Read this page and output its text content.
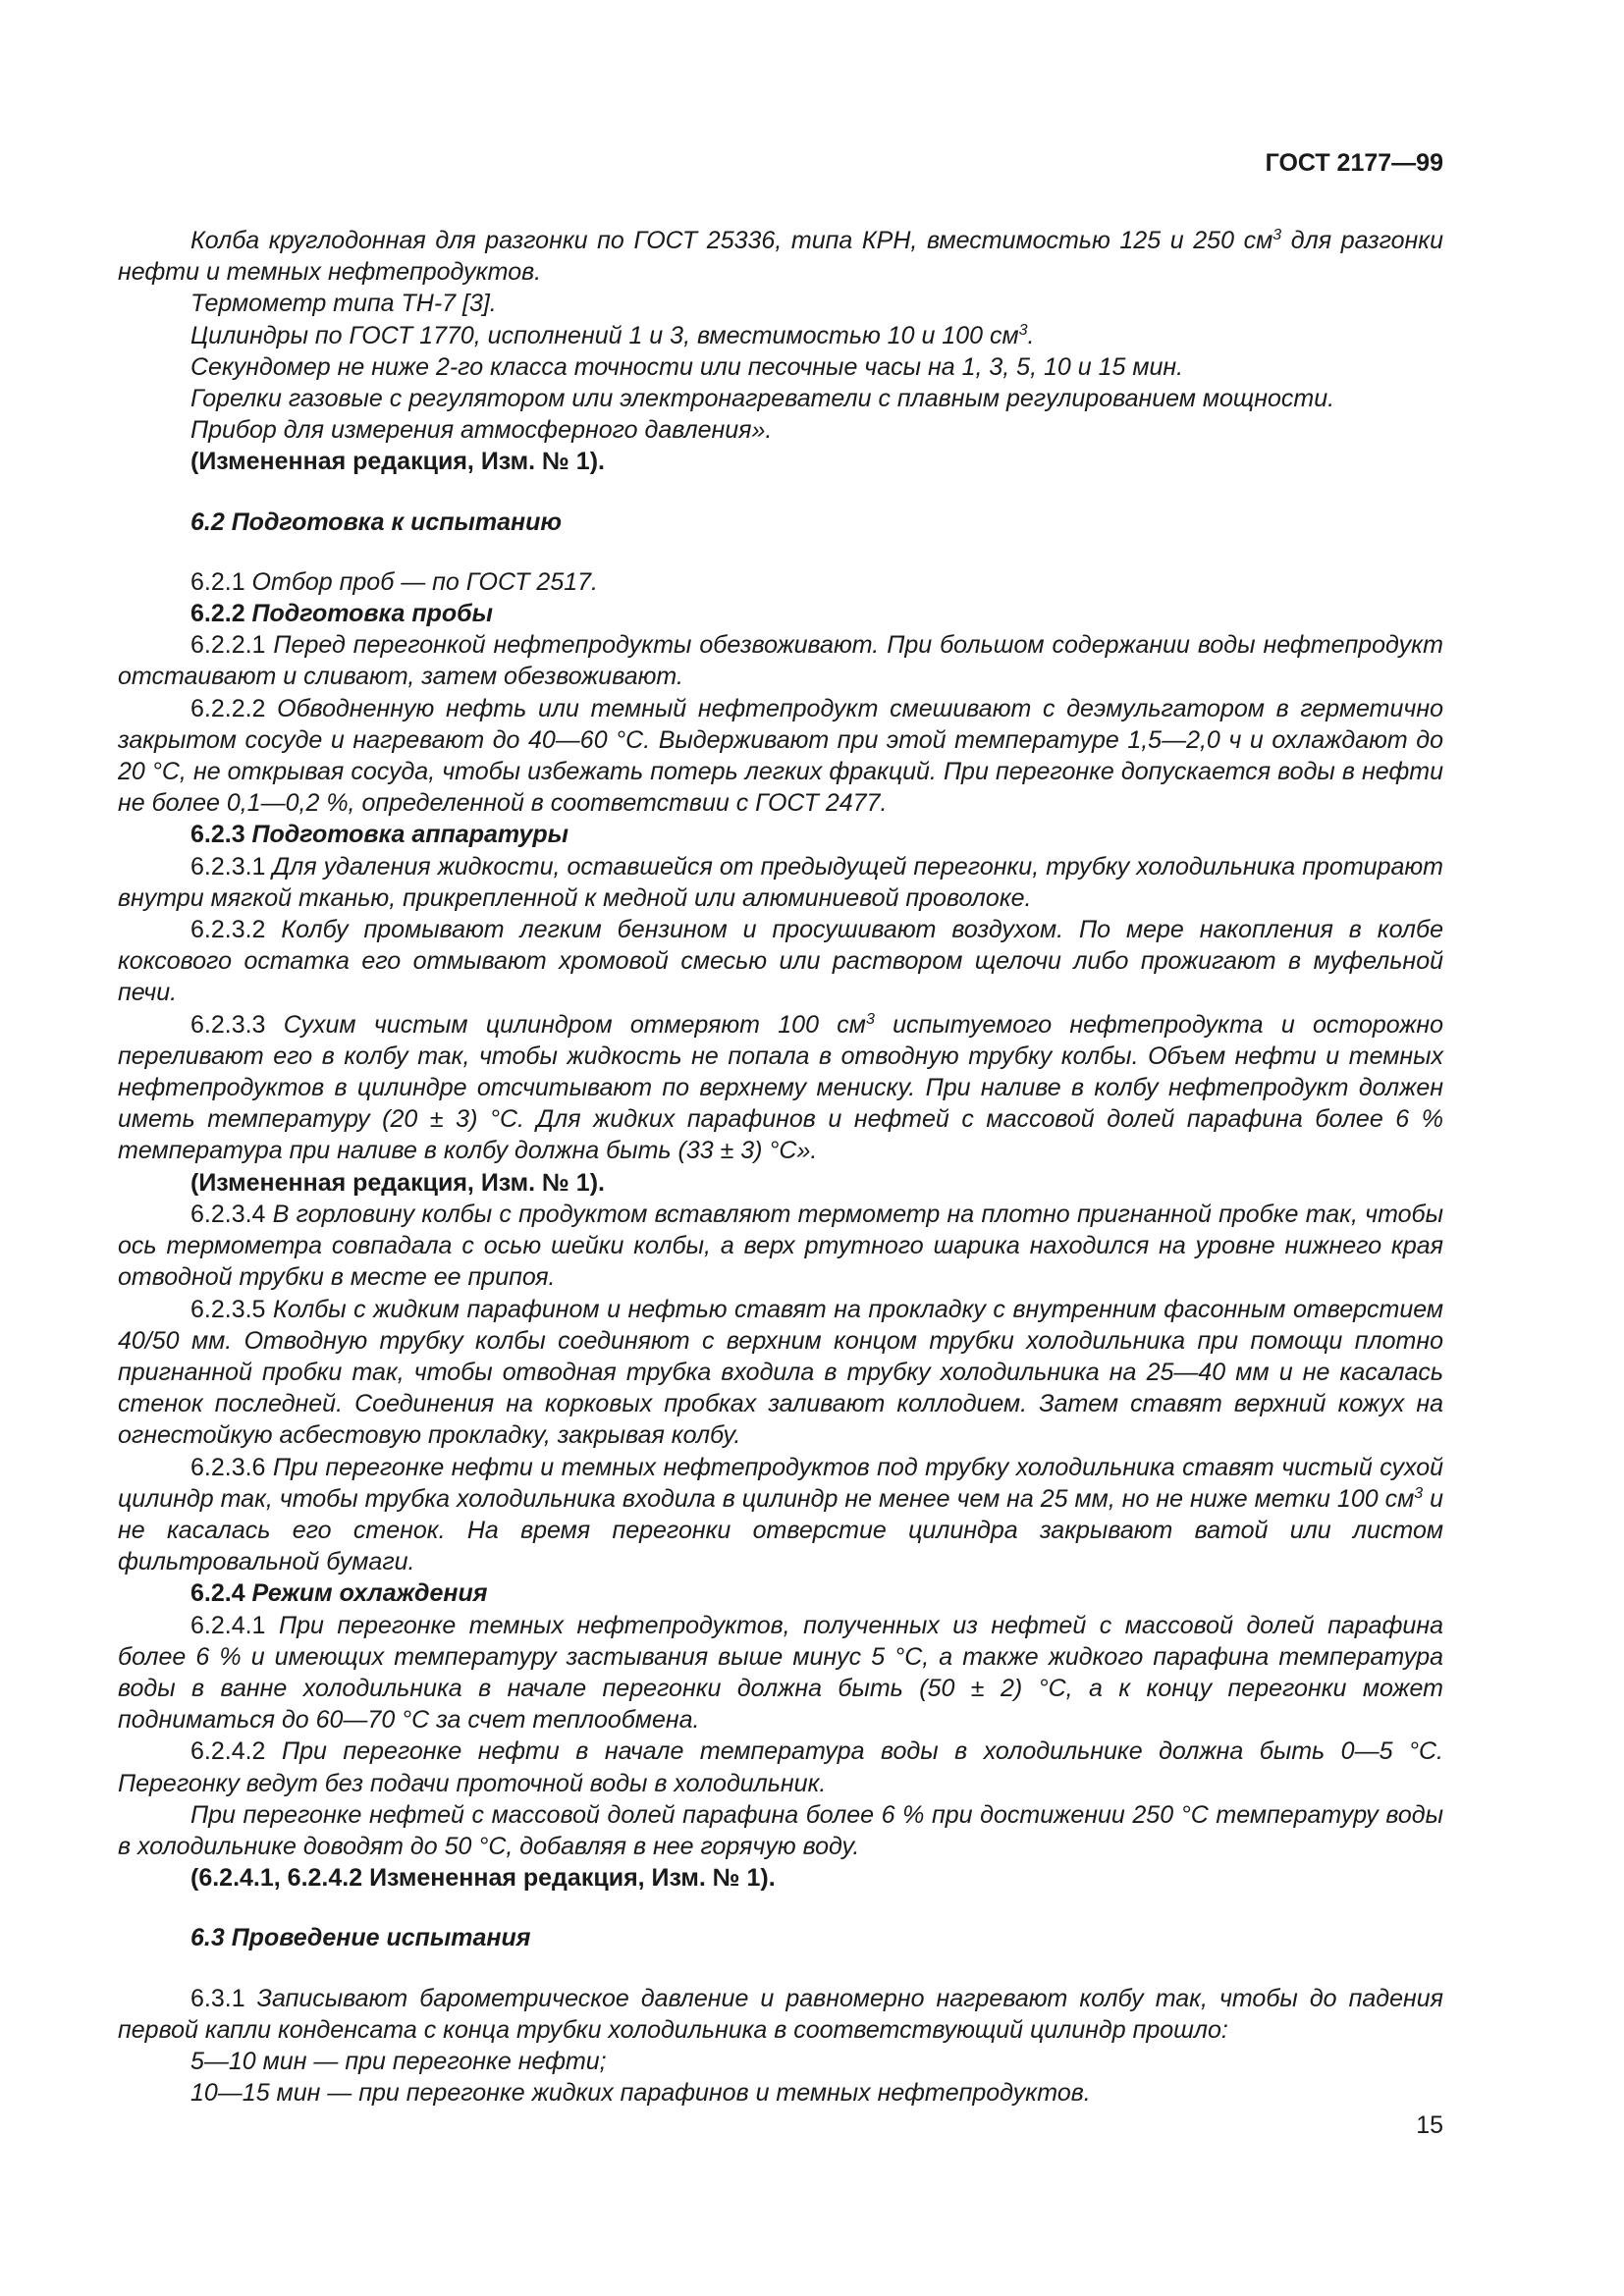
ГОСТ 2177—99

Колба круглодонная для разгонки по ГОСТ 25336, типа КРН, вместимостью 125 и 250 $см^3$ для разгонки нефти и темных нефтепродуктов.

Термометр типа ТН-7 [3].

Цилиндры по ГОСТ 1770, исполнений 1 и 3, вместимостью 10 и 100 $см^3$.

Секундомер не ниже 2-го класса точности или песочные часы на 1, 3, 5, 10 и 15 мин.

Горелки газовые с регулятором или электронагреватели с плавным регулированием мощности.

Прибор для измерения атмосферного давления».

(Измененная редакция, Изм. № 1).

6.2 Подготовка к испытанию

6.2.1 Отбор проб — по ГОСТ 2517.

6.2.2 Подготовка пробы

6.2.2.1 Перед перегонкой нефтепродукты обезвоживают. При большом содержании воды нефтепродукт отстаивают и сливают, затем обезвоживают.

6.2.2.2 Обводненную нефть или темный нефтепродукт смешивают с деэмульгатором в герметично закрытом сосуде и нагревают до 40—60 °С. Выдерживают при этой температуре 1,5—2,0 ч и охлаждают до 20 °С, не открывая сосуда, чтобы избежать потерь легких фракций. При перегонке допускается воды в нефти не более 0,1—0,2 %, определенной в соответствии с ГОСТ 2477.

6.2.3 Подготовка аппаратуры

6.2.3.1 Для удаления жидкости, оставшейся от предыдущей перегонки, трубку холодильника протирают внутри мягкой тканью, прикрепленной к медной или алюминиевой проволоке.

6.2.3.2 Колбу промывают легким бензином и просушивают воздухом. По мере накопления в колбе коксового остатка его отмывают хромовой смесью или раствором щелочи либо прожигают в муфельной печи.

6.2.3.3 Сухим чистым цилиндром отмеряют 100 $см^3$ испытуемого нефтепродукта и осторожно переливают его в колбу так, чтобы жидкость не попала в отводную трубку колбы. Объем нефти и темных нефтепродуктов в цилиндре отсчитывают по верхнему мениску. При наливе в колбу нефтепродукт должен иметь температуру (20 ± 3) °С. Для жидких парафинов и нефтей с массовой долей парафина более 6 % температура при наливе в колбу должна быть (33 ± 3) °С».

(Измененная редакция, Изм. № 1).

6.2.3.4 В горловину колбы с продуктом вставляют термометр на плотно пригнанной пробке так, чтобы ось термометра совпадала с осью шейки колбы, а верх ртутного шарика находился на уровне нижнего края отводной трубки в месте ее припоя.

6.2.3.5 Колбы с жидким парафином и нефтью ставят на прокладку с внутренним фасонным отверстием 40/50 мм. Отводную трубку колбы соединяют с верхним концом трубки холодильника при помощи плотно пригнанной пробки так, чтобы отводная трубка входила в трубку холодильника на 25—40 мм и не касалась стенок последней. Соединения на корковых пробках заливают коллодием. Затем ставят верхний кожух на огнестойкую асбестовую прокладку, закрывая колбу.

6.2.3.6 При перегонке нефти и темных нефтепродуктов под трубку холодильника ставят чистый сухой цилиндр так, чтобы трубка холодильника входила в цилиндр не менее чем на 25 мм, но не ниже метки 100 $см^3$ и не касалась его стенок. На время перегонки отверстие цилиндра закрывают ватой или листом фильтровальной бумаги.

6.2.4 Режим охлаждения

6.2.4.1 При перегонке темных нефтепродуктов, полученных из нефтей с массовой долей парафина более 6 % и имеющих температуру застывания выше минус 5 °С, а также жидкого парафина температура воды в ванне холодильника в начале перегонки должна быть (50 ± 2) °С, а к концу перегонки может подниматься до 60—70 °С за счет теплообмена.

6.2.4.2 При перегонке нефти в начале температура воды в холодильнике должна быть 0—5 °С. Перегонку ведут без подачи проточной воды в холодильник.

При перегонке нефтей с массовой долей парафина более 6 % при достижении 250 °С температуру воды в холодильнике доводят до 50 °С, добавляя в нее горячую воду.

(6.2.4.1, 6.2.4.2 Измененная редакция, Изм. № 1).

6.3 Проведение испытания

6.3.1 Записывают барометрическое давление и равномерно нагревают колбу так, чтобы до падения первой капли конденсата с конца трубки холодильника в соответствующий цилиндр прошло:

5—10 мин — при перегонке нефти;

10—15 мин — при перегонке жидких парафинов и темных нефтепродуктов.

15
